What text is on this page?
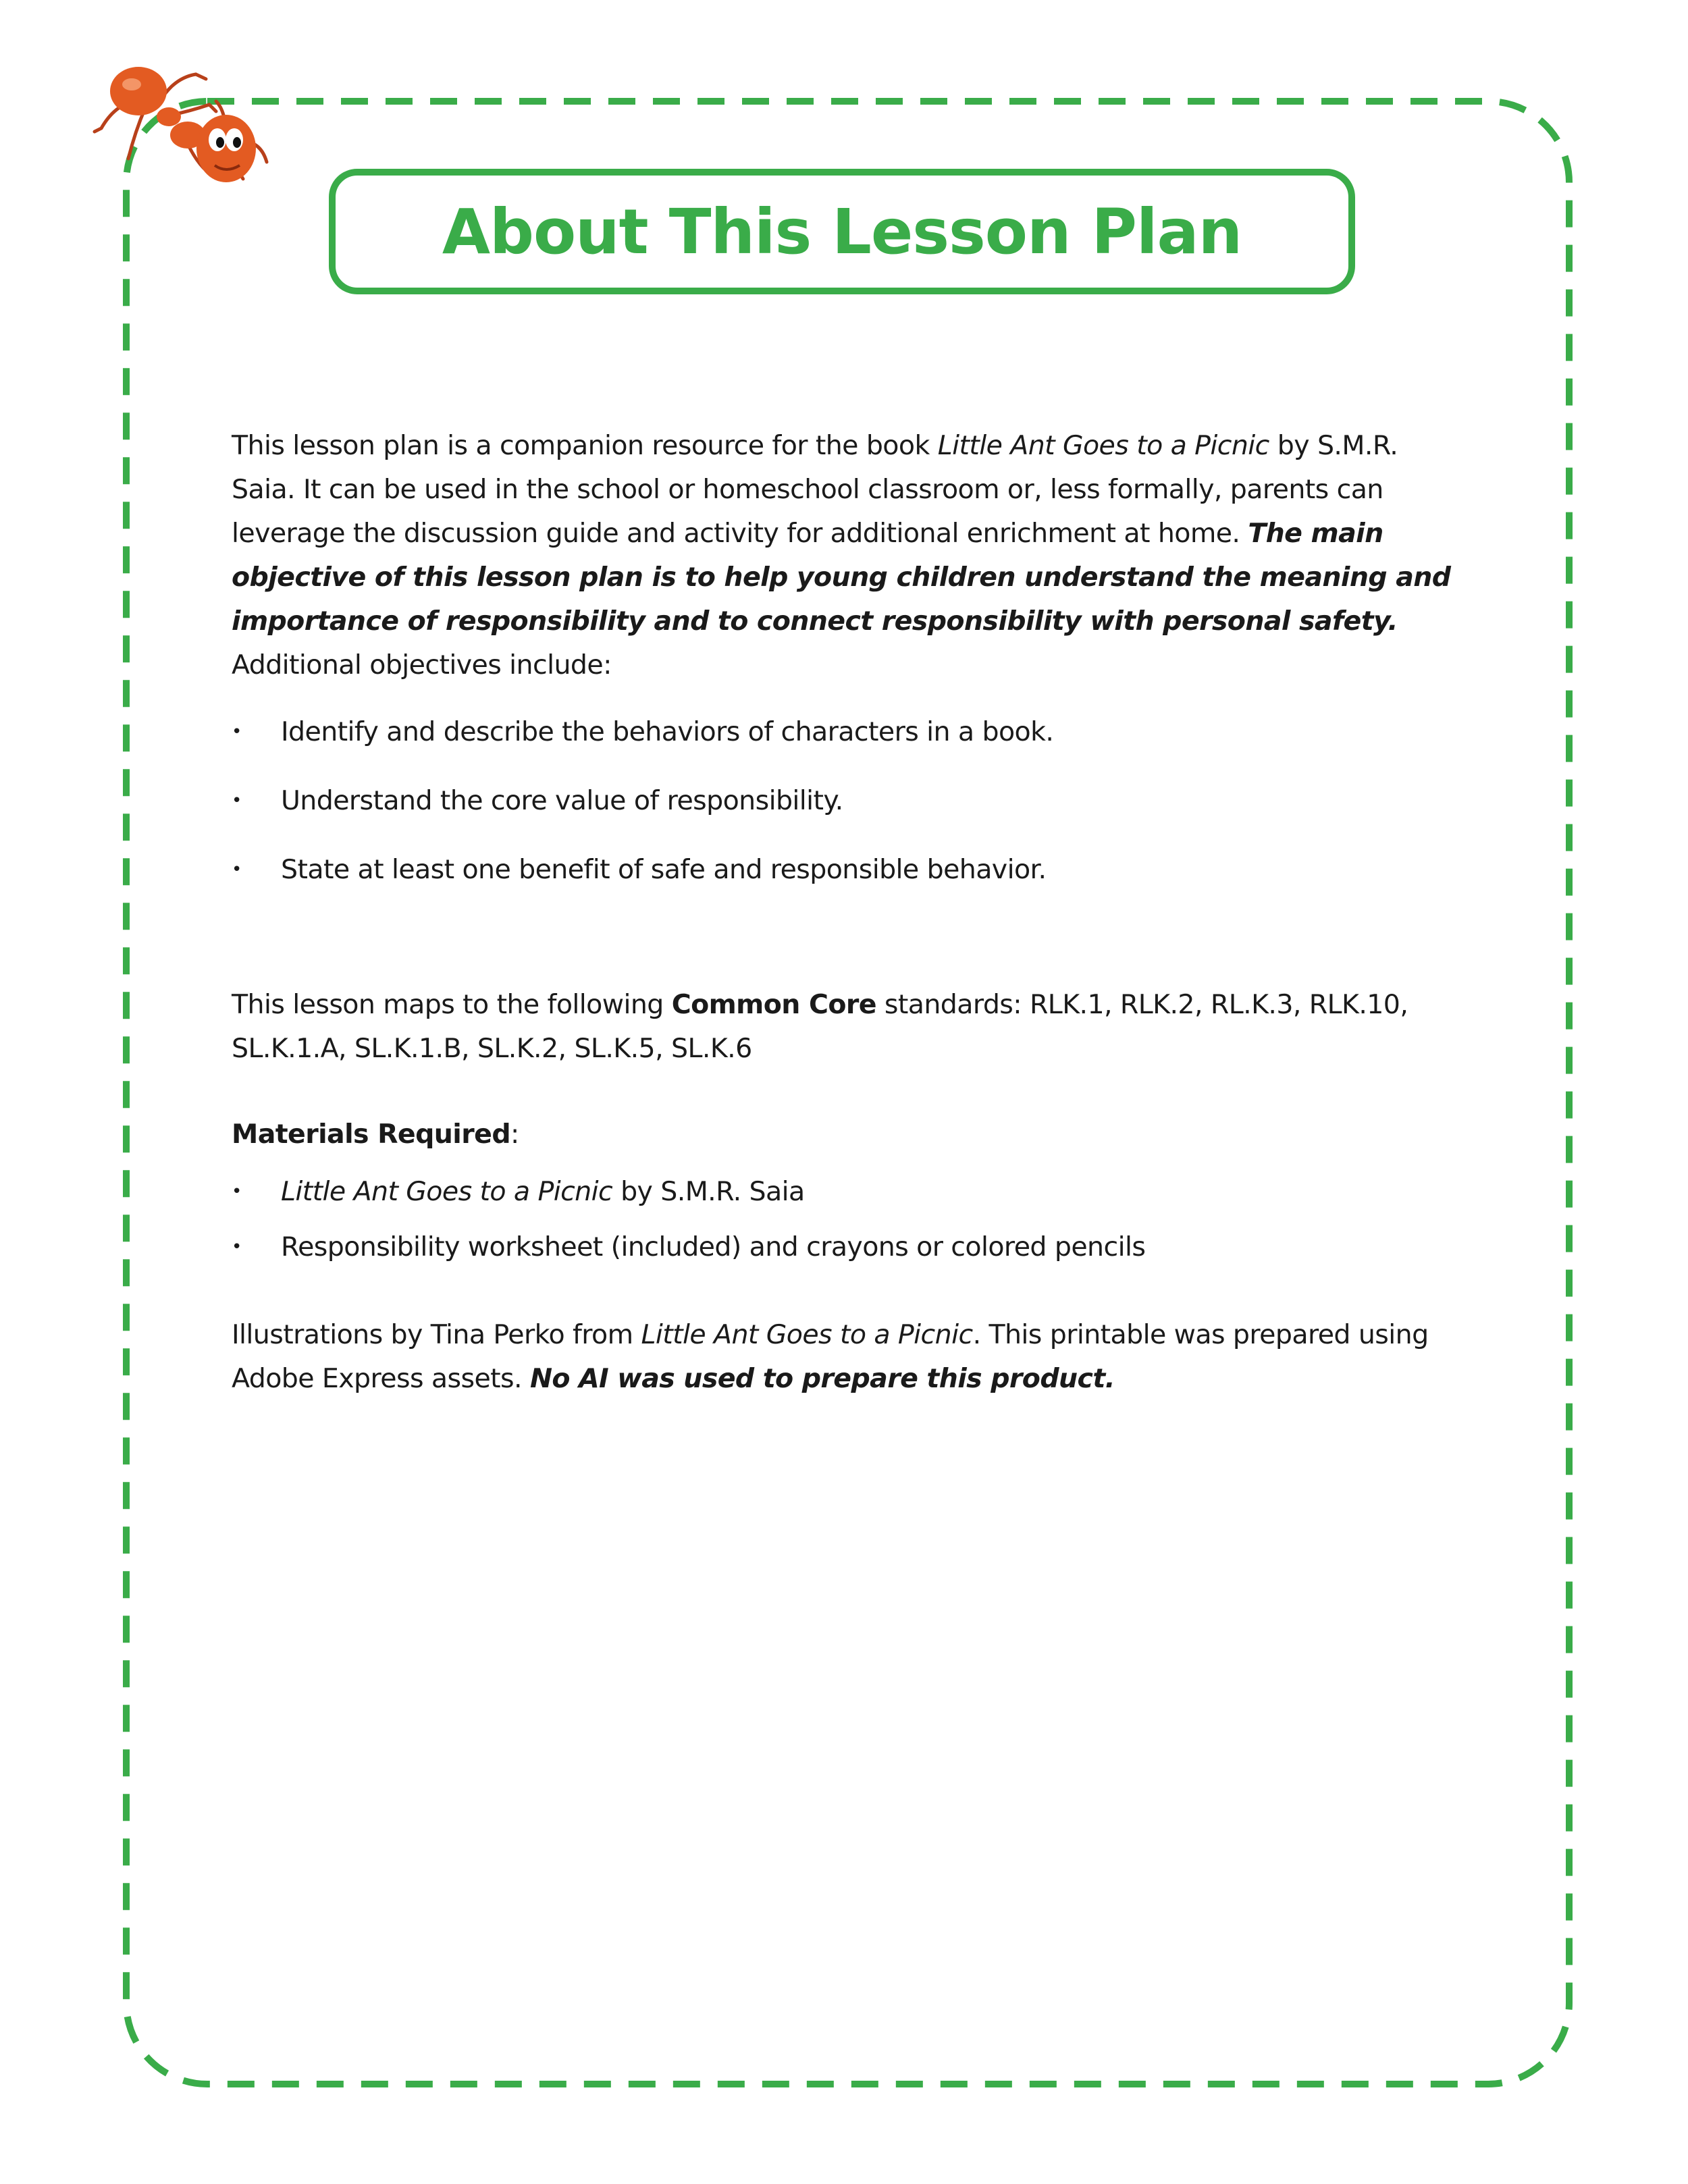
About This Lesson Plan

This lesson plan is a companion resource for the book Little Ant Goes to a Picnic by S.M.R. Saia. It can be used in the school or homeschool classroom or, less formally, parents can leverage the discussion guide and activity for additional enrichment at home. The main objective of this lesson plan is to help young children understand the meaning and importance of responsibility and to connect responsibility with personal safety. Additional objectives include:

• Identify and describe the behaviors of characters in a book.
• Understand the core value of responsibility.
• State at least one benefit of safe and responsible behavior.

This lesson maps to the following Common Core standards: RLK.1, RLK.2, RL.K.3, RLK.10, SL.K.1.A, SL.K.1.B, SL.K.2, SL.K.5, SL.K.6

Materials Required:

• Little Ant Goes to a Picnic by S.M.R. Saia
• Responsibility worksheet (included) and crayons or colored pencils

Illustrations by Tina Perko from Little Ant Goes to a Picnic. This printable was prepared using Adobe Express assets. No AI was used to prepare this product.
